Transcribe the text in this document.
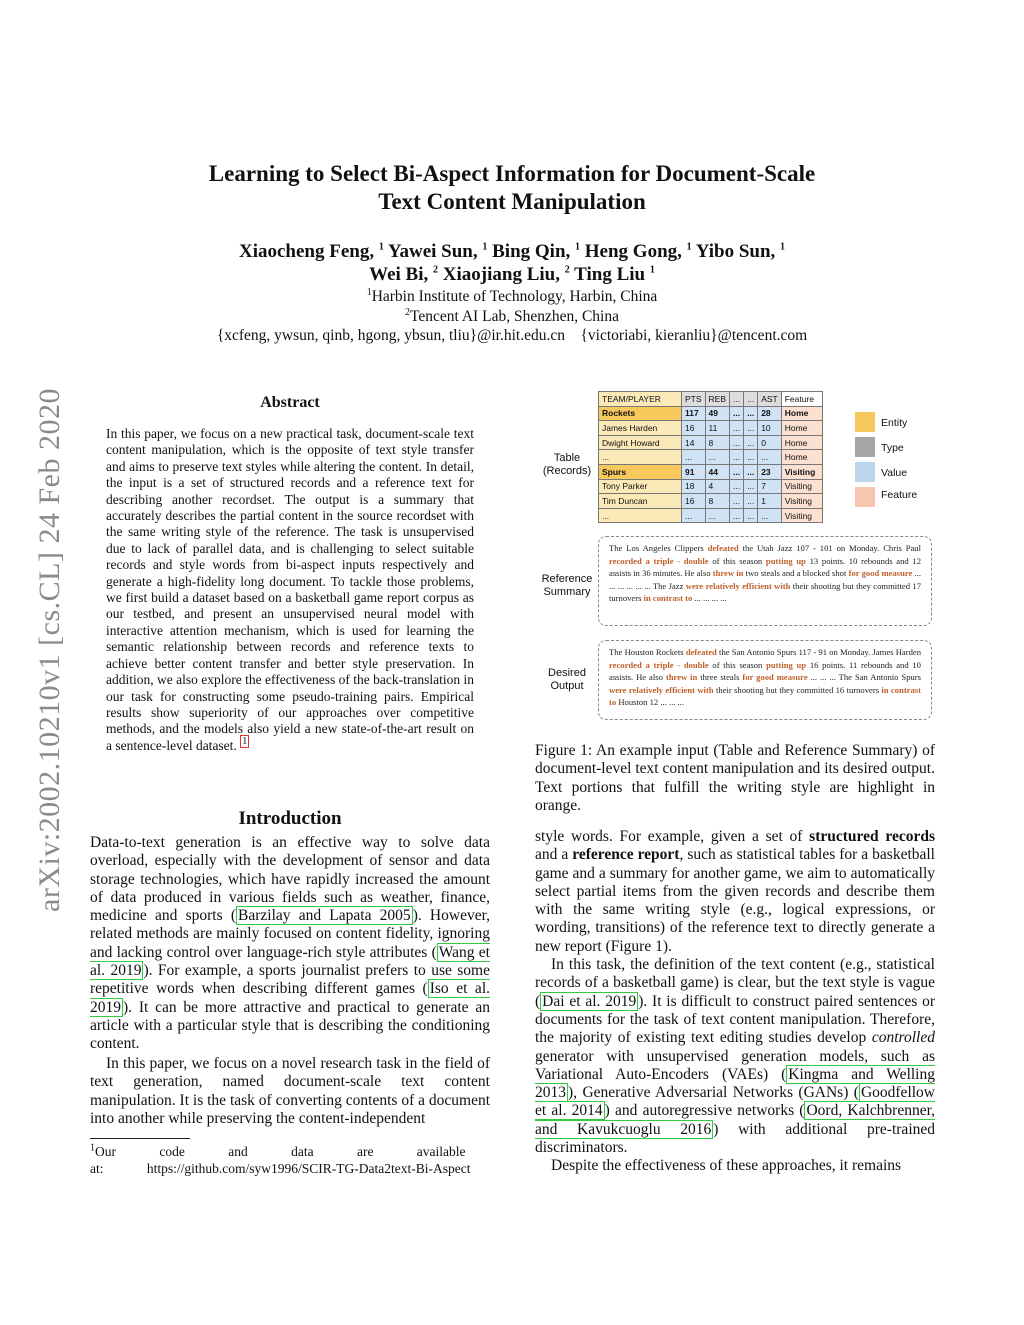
arXiv:2002.10210v1 [cs.CL] 24 Feb 2020
Learning to Select Bi-Aspect Information for Document-Scale
Text Content Manipulation
Xiaocheng Feng, $^1$ Yawei Sun, $^1$ Bing Qin, $^1$ Heng Gong, $^1$ Yibo Sun, $^1$
Wei Bi, $^2$ Xiaojiang Liu, $^2$ Ting Liu $^1$
$^1$Harbin Institute of Technology, Harbin, China
$^2$Tencent AI Lab, Shenzhen, China
{xcfeng, ywsun, qinb, hgong, ybsun, tliu}@ir.hit.edu.cn    {victoriabi, kieranliu}@tencent.com
Abstract
In this paper, we focus on a new practical task, document-scale text content manipulation, which is the opposite of text style transfer and aims to preserve text styles while altering the content. In detail, the input is a set of structured records and a reference text for describing another recordset. The output is a summary that accurately describes the partial content in the source recordset with the same writing style of the reference. The task is unsupervised due to lack of parallel data, and is challenging to select suitable records and style words from bi-aspect inputs respectively and generate a high-fidelity long document. To tackle those problems, we first build a dataset based on a basketball game report corpus as our testbed, and present an unsupervised neural model with interactive attention mechanism, which is used for learning the semantic relationship between records and reference texts to achieve better content transfer and better style preservation. In addition, we also explore the effectiveness of the back-translation in our task for constructing some pseudo-training pairs. Empirical results show superiority of our approaches over competitive methods, and the models also yield a new state-of-the-art result on a sentence-level dataset. $^1$
Introduction

Data-to-text generation is an effective way to solve data overload, especially with the development of sensor and data storage technologies, which have rapidly increased the amount of data produced in various fields such as weather, finance, medicine and sports ( Barzilay and Lapata 2005 ). However, related methods are mainly focused on content fidelity, ignoring and lacking control over language-rich style attributes ( Wang et al. 2019 ). For example, a sports journalist prefers to use some repetitive words when describing different games ( Iso et al. 2019 ). It can be more attractive and practical to generate an article with a particular style that is describing the conditioning content.

In this paper, we focus on a novel research task in the field of text generation, named document-scale text content manipulation. It is the task of converting contents of a document into another while preserving the content-independent

$^1$Our code and data are available at: https://github.com/syw1996/SCIR-TG-Data2text-Bi-Aspect
Table
(Records)
Reference
Summary
Desired
Output
TEAM/PLAYER	PTS	REB	...	...	AST	Feature
Rockets	117	49	...	...	28	Home
James Harden	16	11	...	...	10	Home
Dwight Howard	14	8	...	...	0	Home
...	...	...	...	...	...	Home
Spurs	91	44	...	...	23	Visiting
Tony Parker	18	4	...	...	7	Visiting
Tim Duncan	16	8	...	...	1	Visiting
...	...	...	...	...	...	Visiting
Entity
Type
Value
Feature
The Los Angeles Clippers defeated the Utah Jazz 107 - 101 on Monday. Chris Paul recorded a triple - double of this season putting up 13 points. 10 rebounds and 12 assists in 36 minutes. He also threw in two steals and a blocked shot for good measure ... ... ... ... ... ... The Jazz were relatively efficient with their shooting but they committed 17 turnovers in contrast to ... ... ... ...
The Houston Rockets defeated the San Antonio Spurs 117 - 91 on Monday. James Harden recorded a triple - double of this season putting up 16 points. 11 rebounds and 10 assists. He also threw in three steals for good measure ... ... ... The San Antonio Spurs were relatively efficient with their shooting but they committed 16 turnovers in contrast to Houston 12 ... ... ...
Figure 1: An example input (Table and Reference Summary) of document-level text content manipulation and its desired output. Text portions that fulfill the writing style are highlight in orange.

style words. For example, given a set of structured records and a reference report, such as statistical tables for a basketball game and a summary for another game, we aim to automatically select partial items from the given records and describe them with the same writing style (e.g., logical expressions, or wording, transitions) of the reference text to directly generate a new report (Figure 1).

In this task, the definition of the text content (e.g., statistical records of a basketball game) is clear, but the text style is vague ( Dai et al. 2019 ). It is difficult to construct paired sentences or documents for the task of text content manipulation. Therefore, the majority of existing text editing studies develop controlled generator with unsupervised generation models, such as Variational Auto-Encoders (VAEs) ( Kingma and Welling 2013 ), Generative Adversarial Networks (GANs) ( Goodfellow et al. 2014 ) and autoregressive networks ( Oord, Kalchbrenner, and Kavukcuoglu 2016 ) with additional pre-trained discriminators.

Despite the effectiveness of these approaches, it remains
